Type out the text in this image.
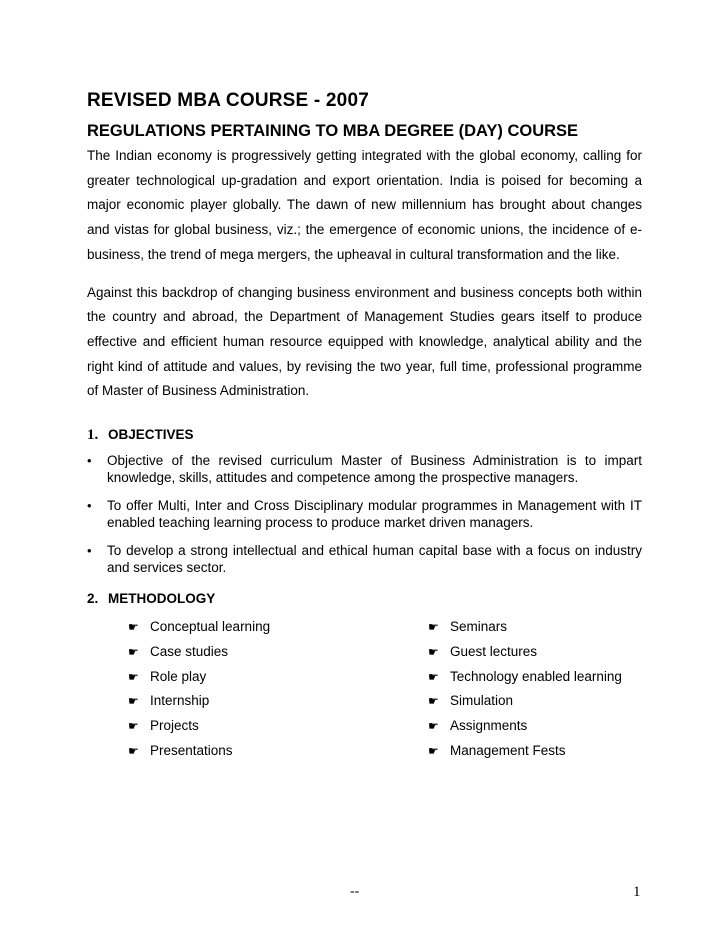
REVISED MBA COURSE - 2007
REGULATIONS PERTAINING TO MBA DEGREE (DAY) COURSE

The Indian economy is progressively getting integrated with the global economy, calling for greater technological up-gradation and export orientation. India is poised for becoming a major economic player globally. The dawn of new millennium has brought about changes and vistas for global business, viz.; the emergence of economic unions, the incidence of e-business, the trend of mega mergers, the upheaval in cultural transformation and the like.

Against this backdrop of changing business environment and business concepts both within the country and abroad, the Department of Management Studies gears itself to produce effective and efficient human resource equipped with knowledge, analytical ability and the right kind of attitude and values, by revising the two year, full time, professional programme of Master of Business Administration.

1. OBJECTIVES
•	Objective of the revised curriculum Master of Business Administration is to impart knowledge, skills, attitudes and competence among the prospective managers.
•	To offer Multi, Inter and Cross Disciplinary modular programmes in Management with IT enabled teaching learning process to produce market driven managers.
•	To develop a strong intellectual and ethical human capital base with a focus on industry and services sector.
2. METHODOLOGY
☛ Conceptual learning
☛ Case studies
☛ Role play
☛ Internship
☛ Projects
☛ Presentations
☛ Seminars
☛ Guest lectures
☛ Technology enabled learning
☛ Simulation
☛ Assignments
☛ Management Fests
--	1
